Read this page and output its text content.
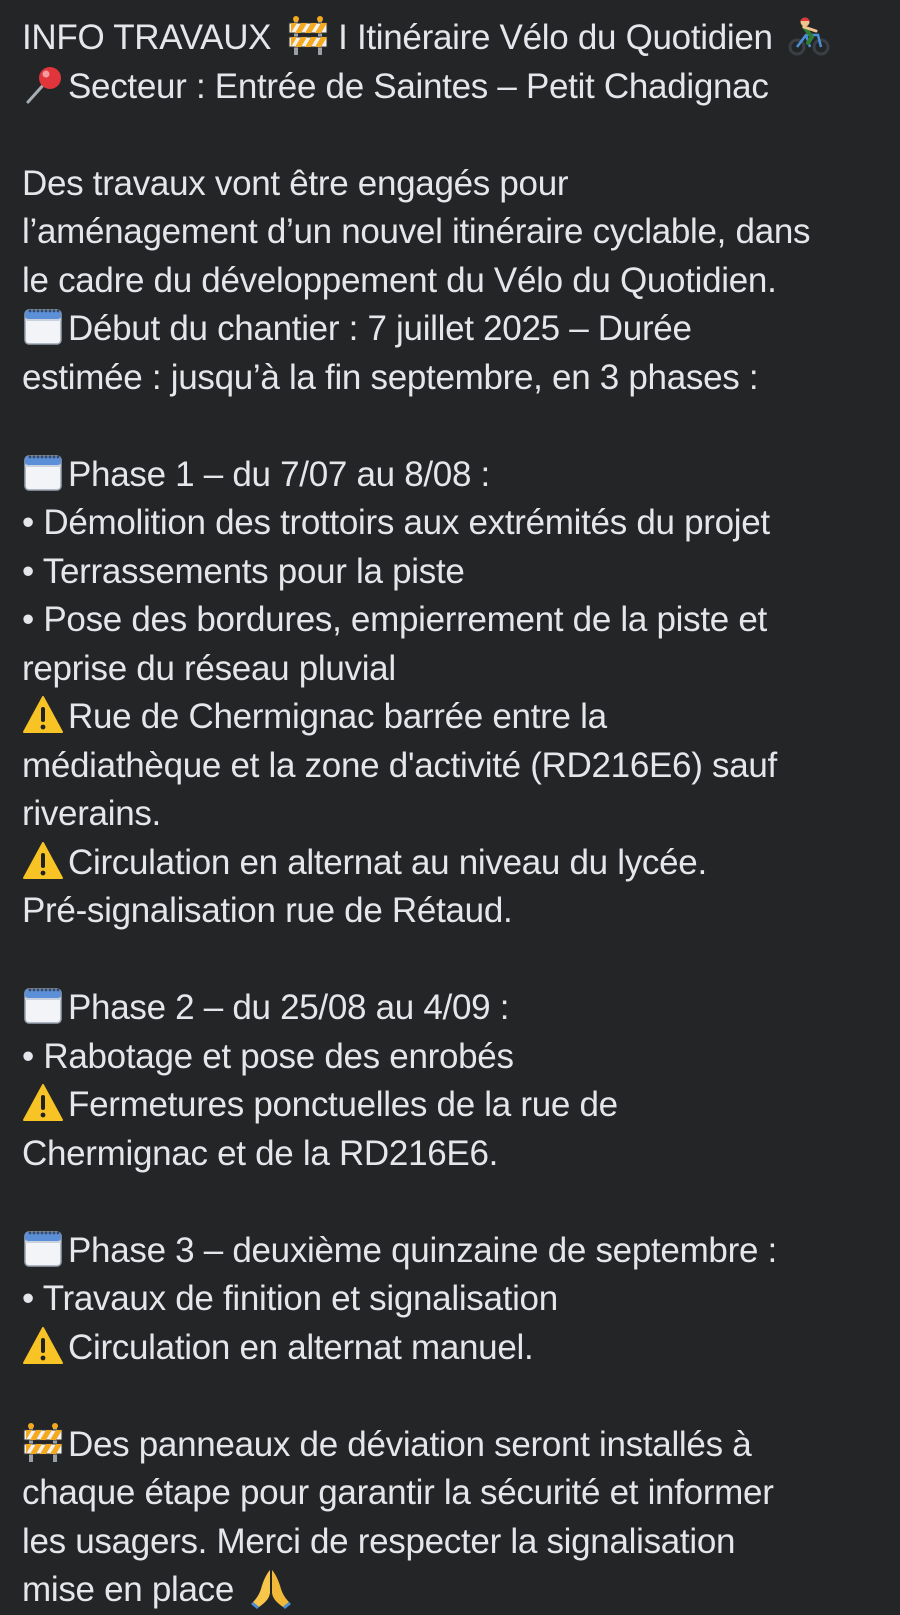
INFO TRAVAUX I Itinéraire Vélo du Quotidien
Secteur : Entrée de Saintes – Petit Chadignac
Des travaux vont être engagés pour
l’aménagement d’un nouvel itinéraire cyclable, dans
le cadre du développement du Vélo du Quotidien.
Début du chantier : 7 juillet 2025 – Durée
estimée : jusqu’à la fin septembre, en 3 phases :
Phase 1 – du 7/07 au 8/08 :
• Démolition des trottoirs aux extrémités du projet
• Terrassements pour la piste
• Pose des bordures, empierrement de la piste et
reprise du réseau pluvial
Rue de Chermignac barrée entre la
médiathèque et la zone d'activité (RD216E6) sauf
riverains.
Circulation en alternat au niveau du lycée.
Pré-signalisation rue de Rétaud.
Phase 2 – du 25/08 au 4/09 :
• Rabotage et pose des enrobés
Fermetures ponctuelles de la rue de
Chermignac et de la RD216E6.
Phase 3 – deuxième quinzaine de septembre :
• Travaux de finition et signalisation
Circulation en alternat manuel.
Des panneaux de déviation seront installés à
chaque étape pour garantir la sécurité et informer
les usagers. Merci de respecter la signalisation
mise en place
